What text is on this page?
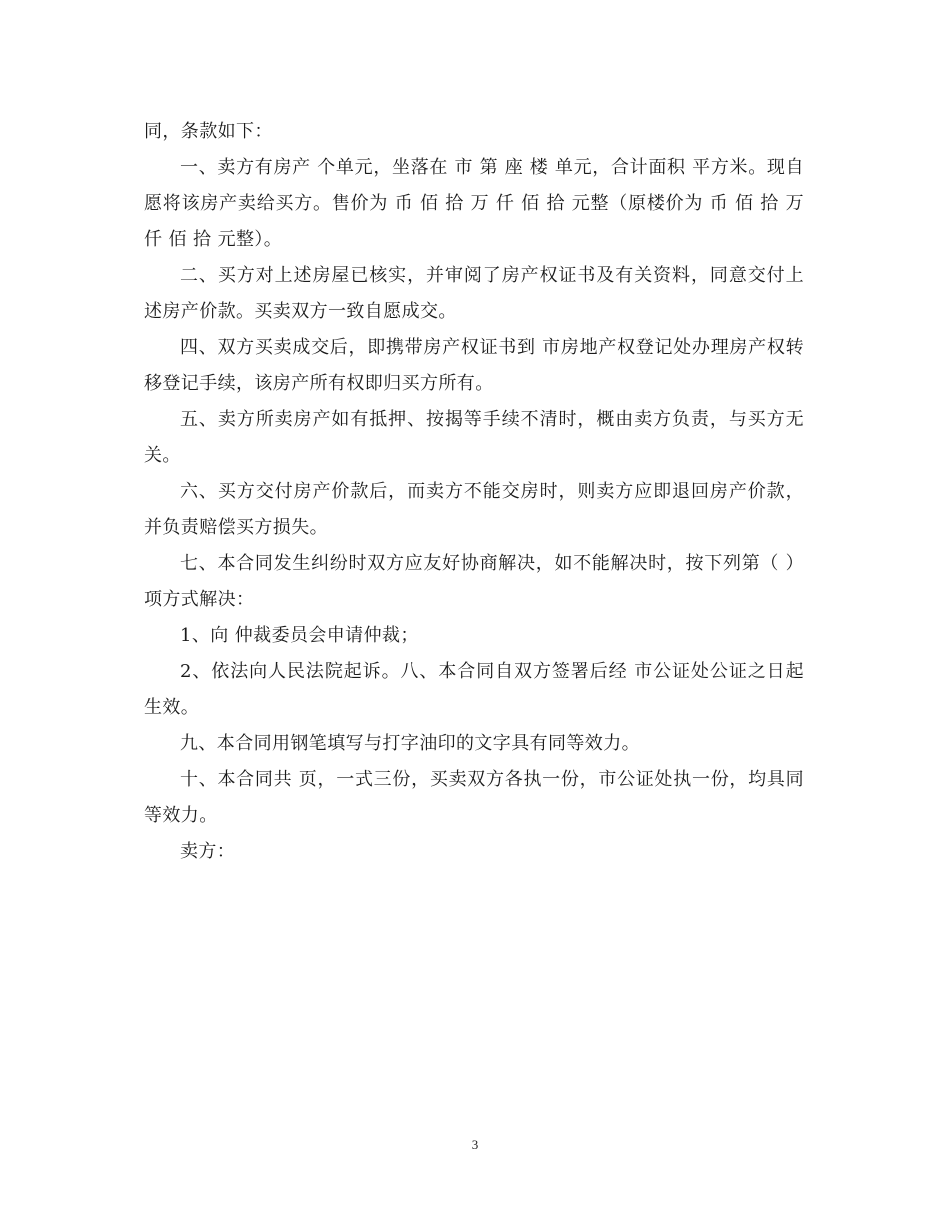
同，条款如下：

一、卖方有房产 个单元，坐落在 市 第 座 楼 单元，合计面积 平方米。现自愿将该房产卖给买方。售价为 币 佰 拾 万 仟 佰 拾 元整（原楼价为 币 佰 拾 万 仟 佰 拾 元整）。

二、买方对上述房屋已核实，并审阅了房产权证书及有关资料，同意交付上述房产价款。买卖双方一致自愿成交。

四、双方买卖成交后，即携带房产权证书到 市房地产权登记处办理房产权转移登记手续，该房产所有权即归买方所有。

五、卖方所卖房产如有抵押、按揭等手续不清时，概由卖方负责，与买方无关。

六、买方交付房产价款后，而卖方不能交房时，则卖方应即退回房产价款，并负责赔偿买方损失。

七、本合同发生纠纷时双方应友好协商解决，如不能解决时，按下列第（ ）项方式解决：

1、向 仲裁委员会申请仲裁；

2、依法向人民法院起诉。八、本合同自双方签署后经 市公证处公证之日起生效。

九、本合同用钢笔填写与打字油印的文字具有同等效力。

十、本合同共 页，一式三份，买卖双方各执一份，市公证处执一份，均具同等效力。

卖方：

3
